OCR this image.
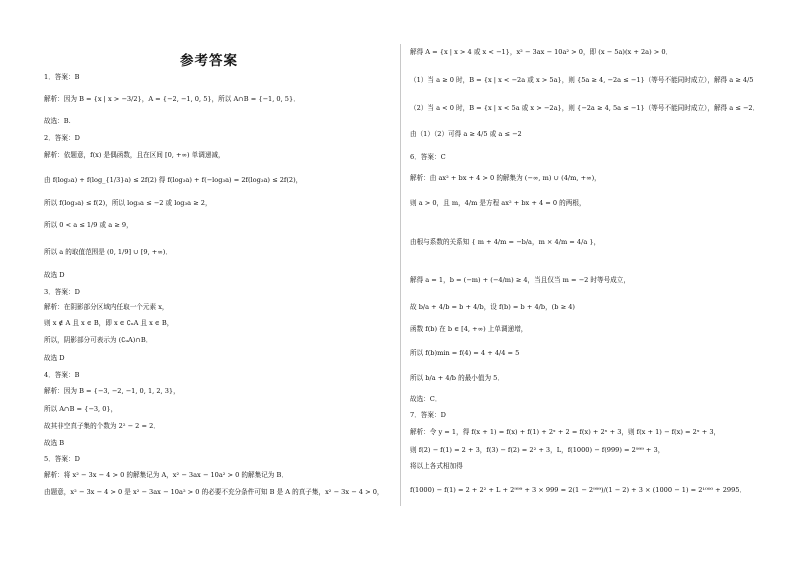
参考答案
1．答案：B
解析：因为 B = {x | x > −3/2}，A = {−2, −1, 0, 5}，所以 A∩B = {−1, 0, 5}．
故选：B.
2．答案：D
解析：依题意，f(x) 是偶函数，且在区间 [0, +∞) 单调递减，
由 f(log₃a) + f(log_{1/3}a) ≤ 2f(2) 得 f(log₃a) + f(−log₃a) = 2f(log₃a) ≤ 2f(2)，
所以 f(log₃a) ≤ f(2)，所以 log₃a ≤ −2 或 log₃a ≥ 2，
所以 0 < a ≤ 1/9 或 a ≥ 9，
所以 a 的取值范围是 (0, 1/9] ∪ [9, +∞)．
故选 D
3．答案：D
解析：在阴影部分区域内任取一个元素 x，
则 x ∉ A 且 x ∈ B，即 x ∈ ∁ᵤA 且 x ∈ B，
所以，阴影部分可表示为 (∁ᵤA)∩B．
故选 D
4．答案：B
解析：因为 B = {−3, −2, −1, 0, 1, 2, 3}，
所以 A∩B = {−3, 0}，
故其非空真子集的个数为 2² − 2 = 2．
故选 B
5．答案：D
解析：将 x² − 3x − 4 > 0 的解集记为 A，x² − 3ax − 10a² > 0 的解集记为 B．
由题意，x² − 3x − 4 > 0 是 x² − 3ax − 10a² > 0 的必要不充分条件可知 B 是 A 的真子集，x² − 3x − 4 > 0，
解得 A = {x | x > 4 或 x < −1}，x² − 3ax − 10a² > 0，即 (x − 5a)(x + 2a) > 0．
（1）当 a ≥ 0 时，B = {x | x < −2a 或 x > 5a}，则 {5a ≥ 4, −2a ≤ −1}（等号不能同时成立），解得 a ≥ 4/5
（2）当 a < 0 时，B = {x | x < 5a 或 x > −2a}，则 {−2a ≥ 4, 5a ≤ −1}（等号不能同时成立），解得 a ≤ −2．
由（1）（2）可得 a ≥ 4/5 或 a ≤ −2
6．答案：C
解析：由 ax² + bx + 4 > 0 的解集为 (−∞, m) ∪ (4/m, +∞)，
则 a > 0，且 m，4/m 是方程 ax² + bx + 4 = 0 的两根，
由根与系数的关系知 { m + 4/m = −b/a，m × 4/m = 4/a }，
解得 a = 1，b = (−m) + (−4/m) ≥ 4，当且仅当 m = −2 时等号成立，
故 b/a + 4/b = b + 4/b，设 f(b) = b + 4/b，(b ≥ 4)
函数 f(b) 在 b ∈ [4, +∞) 上单调递增，
所以 f(b)min = f(4) = 4 + 4/4 = 5
所以 b/a + 4/b 的最小值为 5．
故选：C．
7．答案：D
解析：令 y = 1，得 f(x + 1) = f(x) + f(1) + 2ˣ + 2 = f(x) + 2ˣ + 3，则 f(x + 1) − f(x) = 2ˣ + 3，
则 f(2) − f(1) = 2 + 3，f(3) − f(2) = 2² + 3，L，f(1000) − f(999) = 2⁹⁹⁹ + 3，
将以上各式相加得
f(1000) − f(1) = 2 + 2² + L + 2⁹⁹⁹ + 3 × 999 = 2(1 − 2⁹⁹⁹)/(1 − 2) + 3 × (1000 − 1) = 2¹⁰⁰⁰ + 2995．
